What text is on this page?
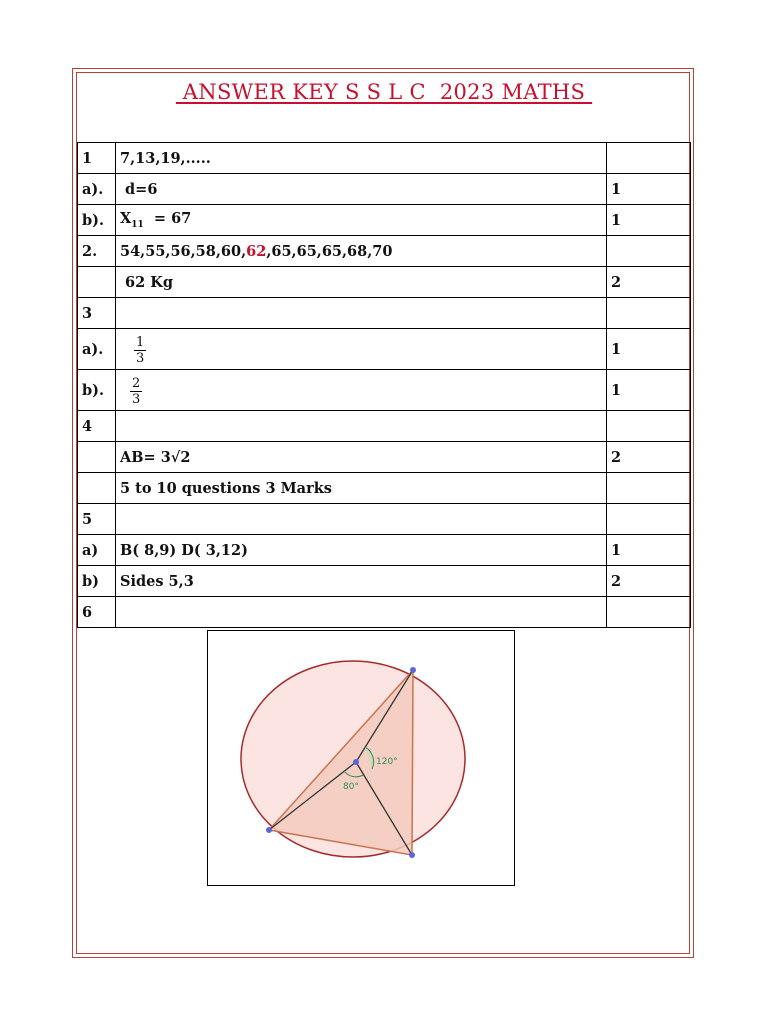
ANSWER KEY S S L C  2023 MATHS
1	7,13,19,.....	
a).	d=6	1
b).	$X_{11} = 67$	1
2.	54,55,56,58,60,62,65,65,65,68,70	
	62 Kg	2
3		
a).	$\frac{1}{3}$	1
b).	$\frac{2}{3}$	1
4		
	AB= 3√2	2
	5 to 10 questions 3 Marks	
5		
a)	B( 8,9) D( 3,12)	1
b)	Sides 5,3	2
6		
120°
80°
